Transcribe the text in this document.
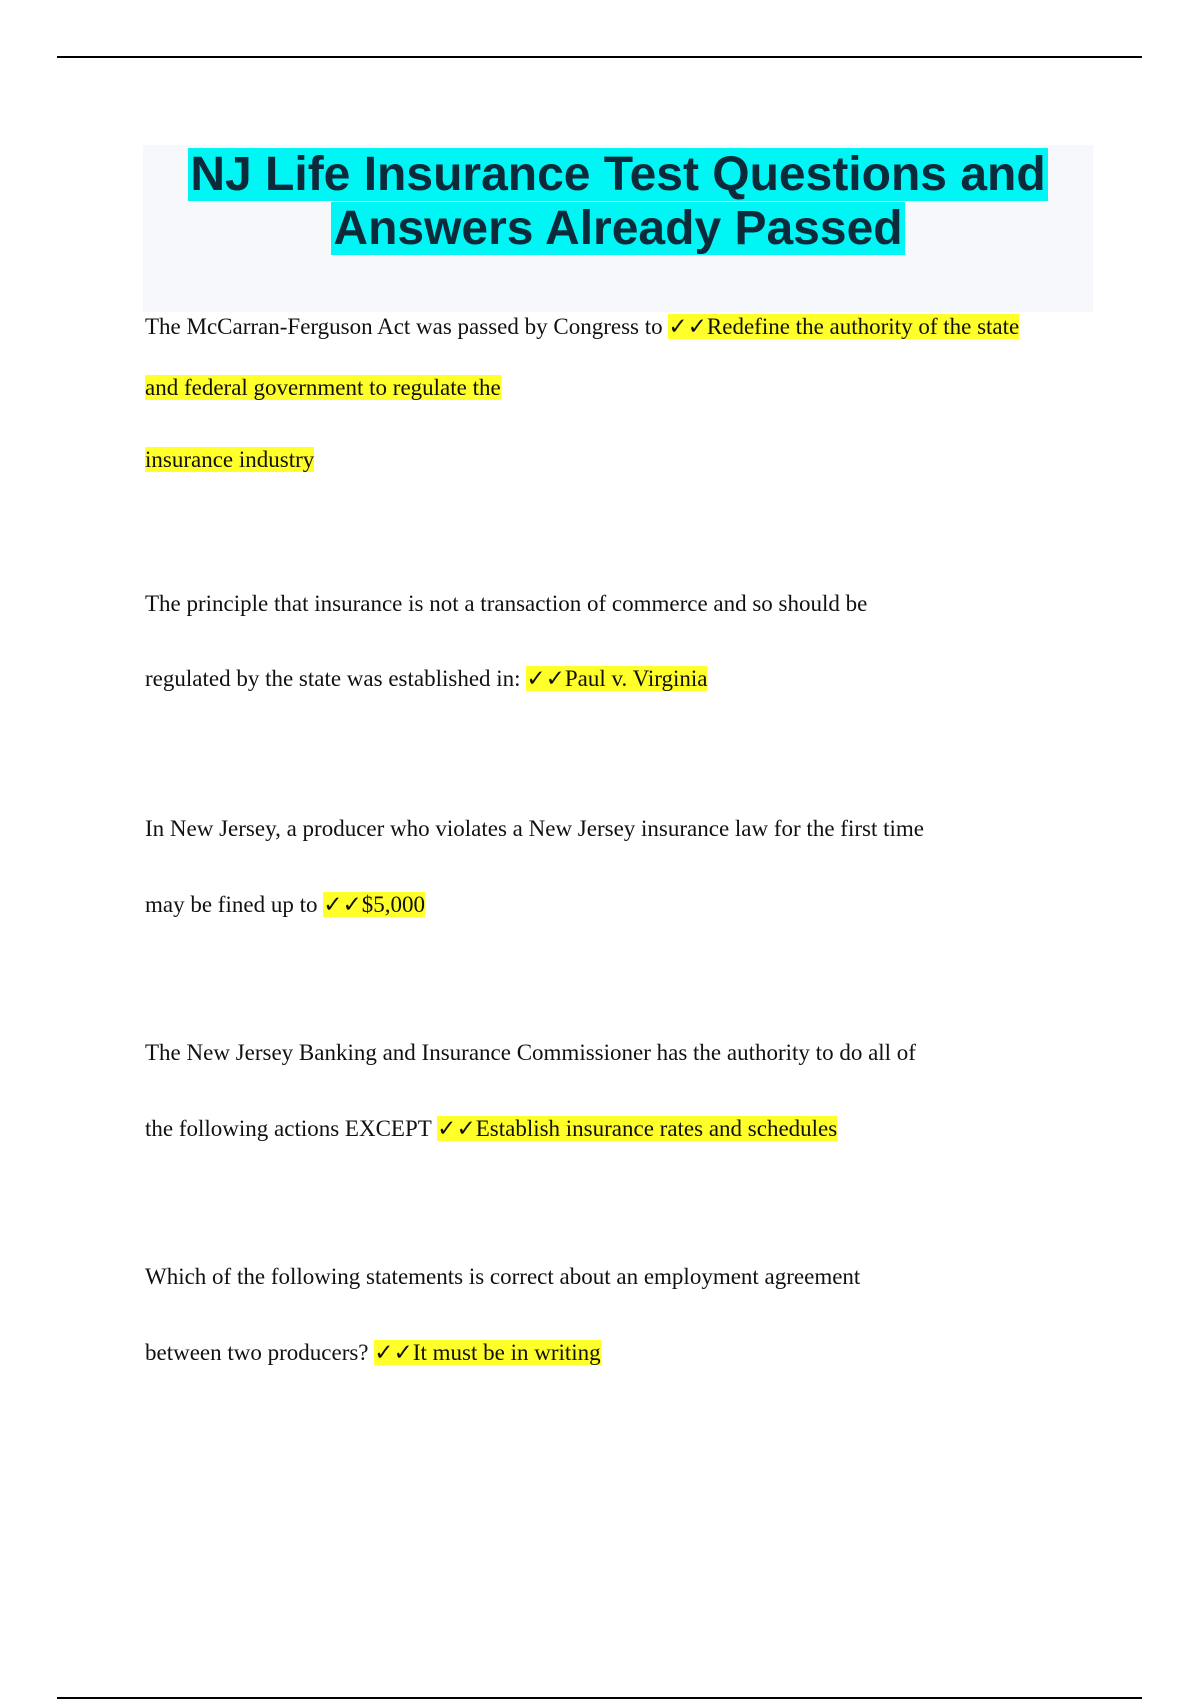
NJ Life Insurance Test Questions and
Answers Already Passed

The McCarran-Ferguson Act was passed by Congress to ✓✓Redefine the authority of the state

and federal government to regulate the

insurance industry

The principle that insurance is not a transaction of commerce and so should be

regulated by the state was established in: ✓✓Paul v. Virginia

In New Jersey, a producer who violates a New Jersey insurance law for the first time

may be fined up to ✓✓$5,000

The New Jersey Banking and Insurance Commissioner has the authority to do all of

the following actions EXCEPT ✓✓Establish insurance rates and schedules

Which of the following statements is correct about an employment agreement

between two producers? ✓✓It must be in writing
